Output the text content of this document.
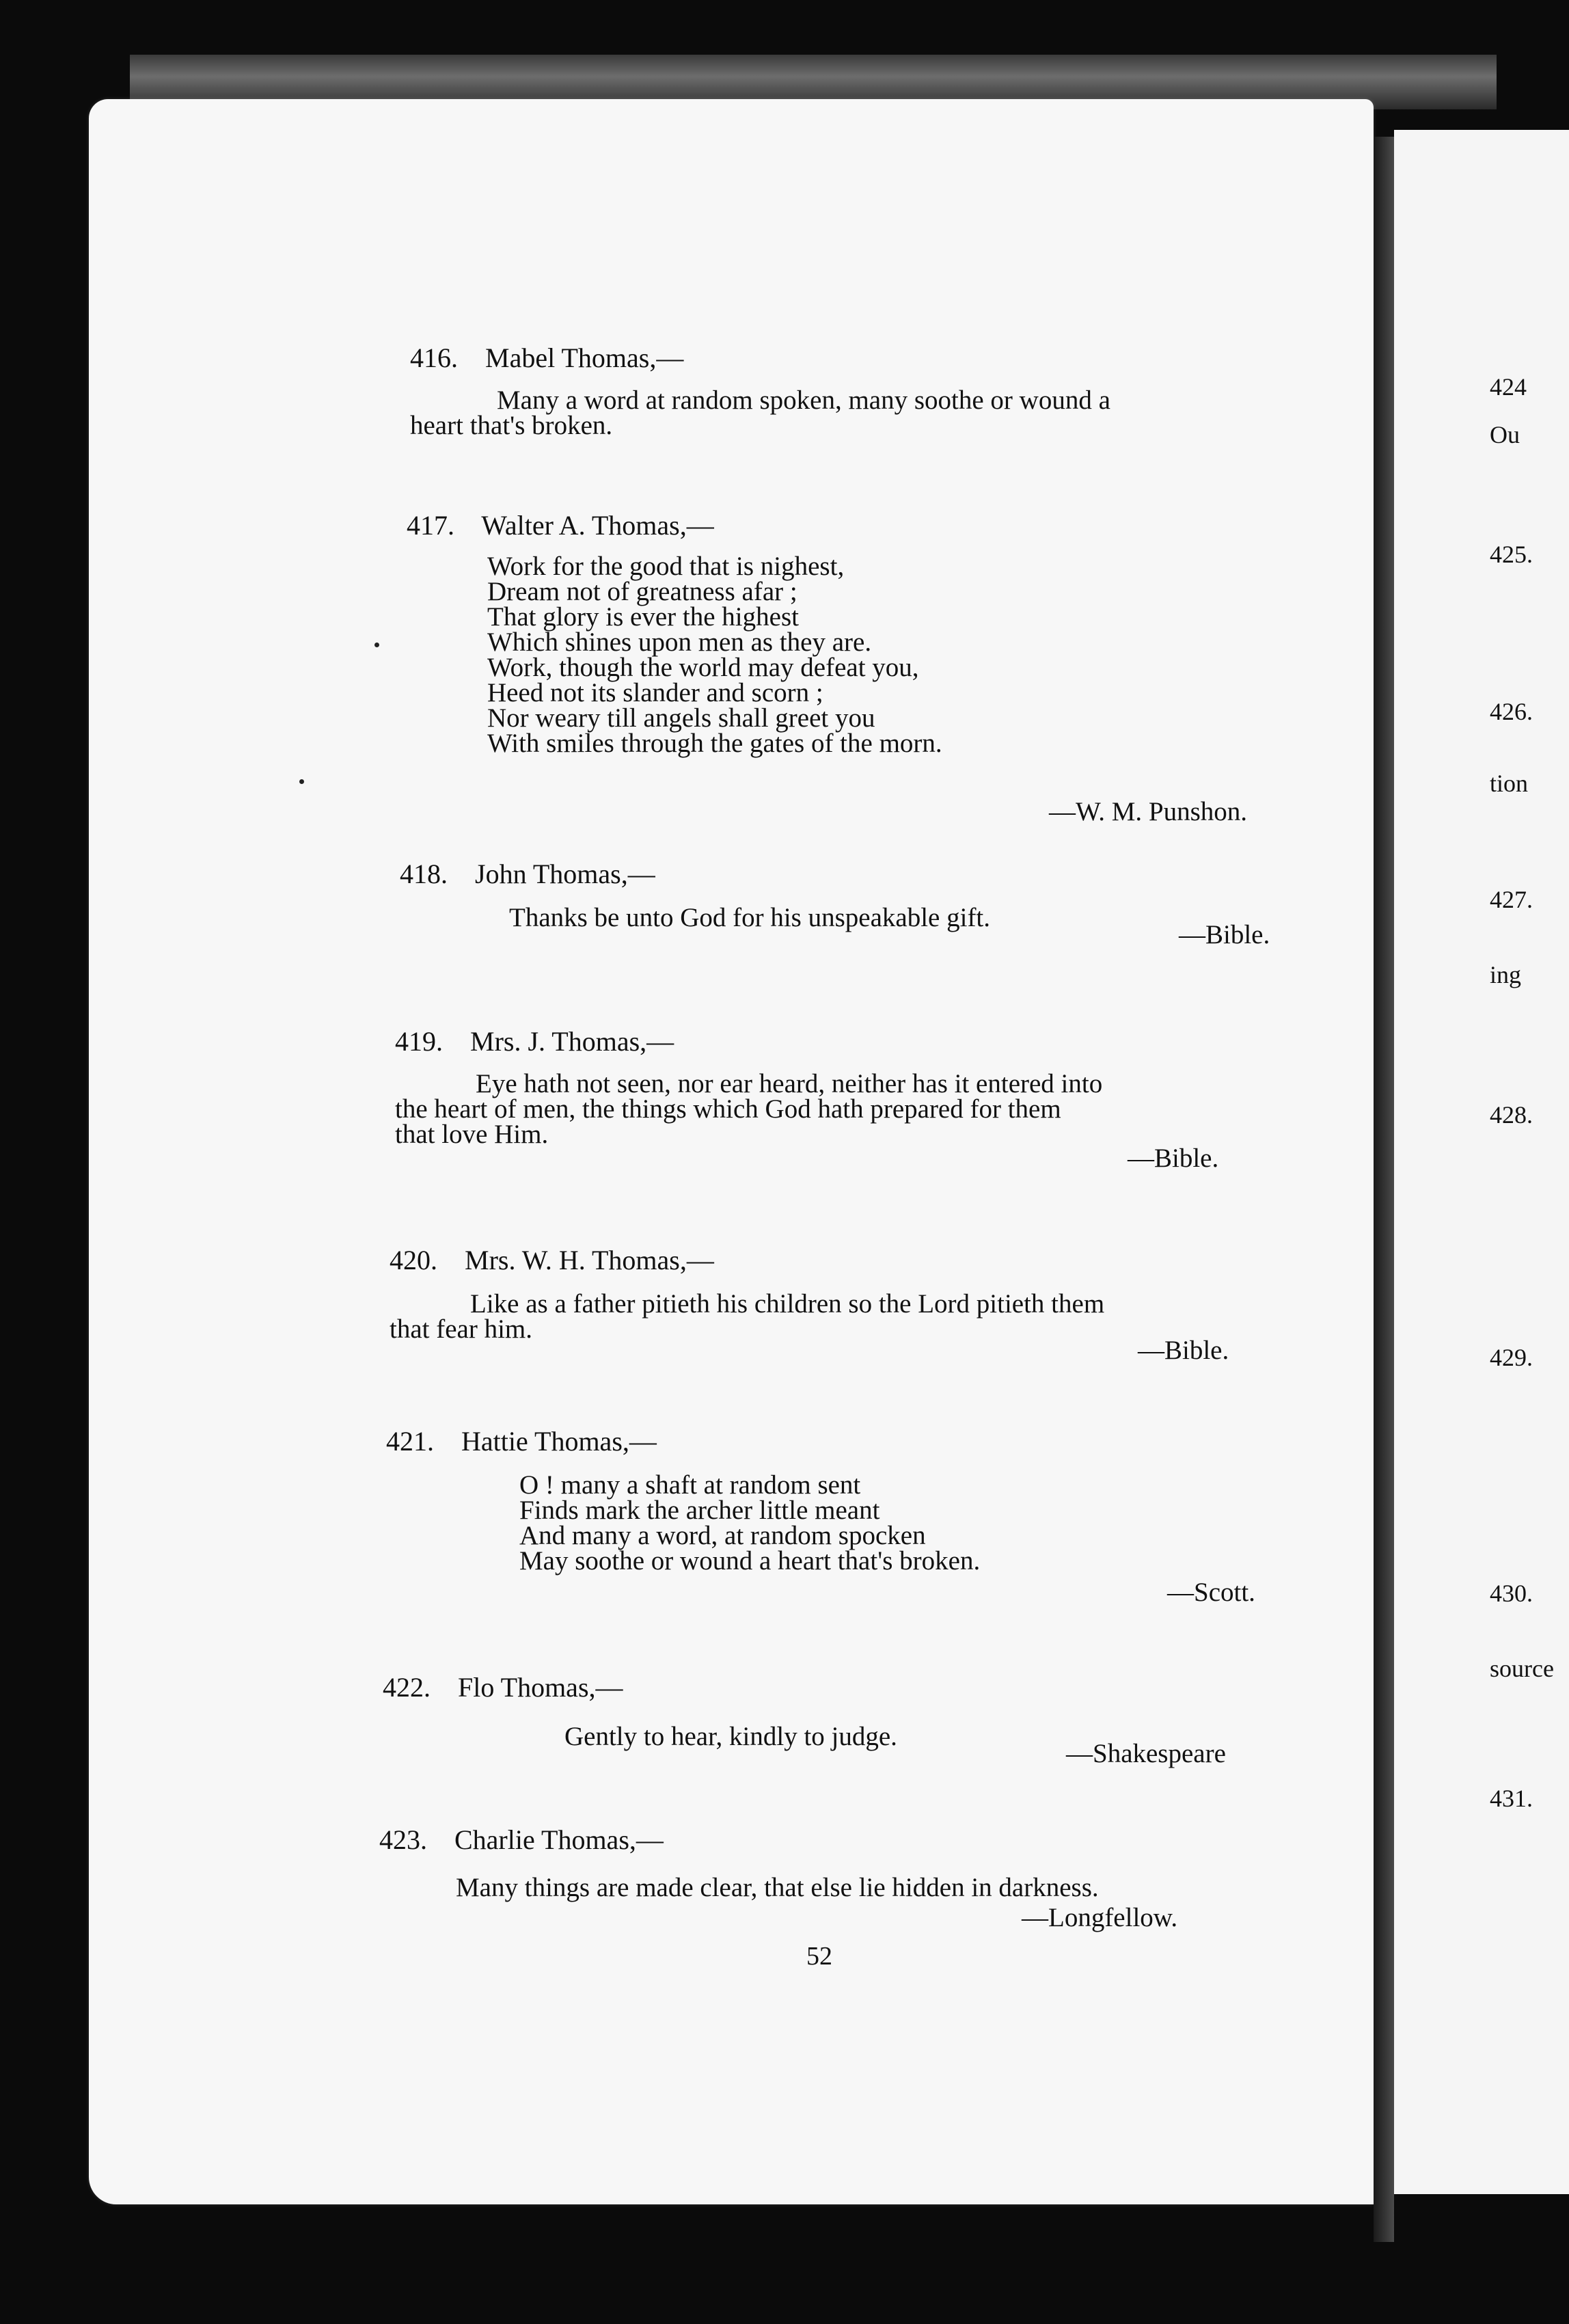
416. Mabel Thomas,—
Many a word at random spoken, many soothe or wound a
heart that's broken.
417. Walter A. Thomas,—
Work for the good that is nighest,
Dream not of greatness afar ;
That glory is ever the highest
Which shines upon men as they are.
Work, though the world may defeat you,
Heed not its slander and scorn ;
Nor weary till angels shall greet you
With smiles through the gates of the morn.
—W. M. Punshon.
418. John Thomas,—
Thanks be unto God for his unspeakable gift.
—Bible.
419. Mrs. J. Thomas,—
Eye hath not seen, nor ear heard, neither has it entered into
the heart of men, the things which God hath prepared for them
that love Him.
—Bible.
420. Mrs. W. H. Thomas,—
Like as a father pitieth his children so the Lord pitieth them
that fear him.
—Bible.
421. Hattie Thomas,—
O ! many a shaft at random sent
Finds mark the archer little meant
And many a word, at random spocken
May soothe or wound a heart that's broken.
—Scott.
422. Flo Thomas,—
Gently to hear, kindly to judge.
—Shakespeare
423. Charlie Thomas,—
Many things are made clear, that else lie hidden in darkness.
—Longfellow.
52
424
Ou
425.
426.
tion
427.
ing
428.
429.
430.
source
431.
